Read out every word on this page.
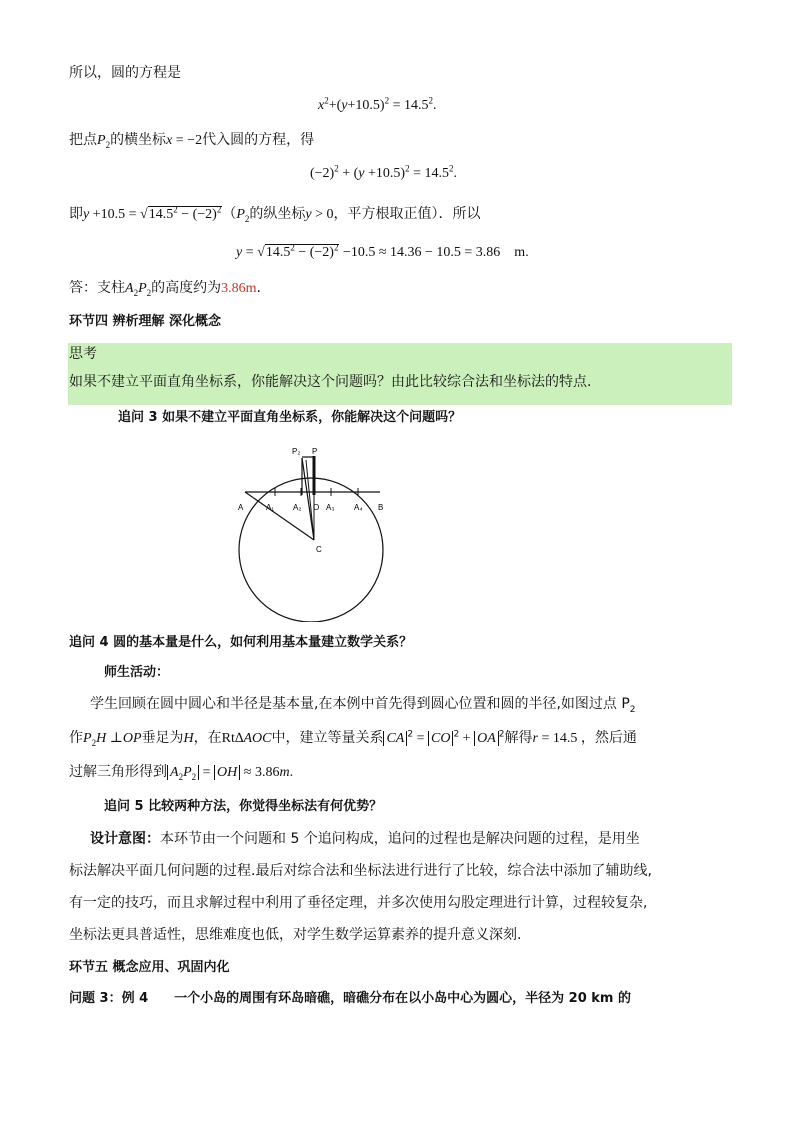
所以，圆的方程是
$x^2+(y+10.5)^2 = 14.5^2$.
把点$P_2$的横坐标x = −2代入圆的方程，得
$(-2)^2 + (y +10.5)^2 = 14.5^2$.
即$y +10.5 = √14.5^2 - (-2)^2(P_2$的纵坐标y > 0，平方根取正值）．所以
$y = √14.5^2 - (-2)^2 -10.5 \approx 14.36 - 10.5 = 3.86$　m.
答：支柱$A_2P_2$的高度约为3.86m.
环节四 辨析理解 深化概念
思考
如果不建立平面直角坐标系，你能解决这个问题吗？由此比较综合法和坐标法的特点.
追问 3 如果不建立平面直角坐标系，你能解决这个问题吗？
A	A₁ A₂ O A₃ A₄ B
C
P₂ P
追问 4 圆的基本量是什么，如何利用基本量建立数学关系？
师生活动：
学生回顾在圆中圆心和半径是基本量,在本例中首先得到圆心位置和圆的半径,如图过点 $P_2$
作$P_2H$ ⊥OP垂足为H，在Rt∆AOC中，建立等量关系 CA $^2$ = CO $^2$ + OA $^2$解得r = 14.5 ，然后通
过解三角形得到 $A_2P_2$ = OH ≈ 3.86m.
追问 5 比较两种方法，你觉得坐标法有何优势？
设计意图：本环节由一个问题和 5 个追问构成，追问的过程也是解决问题的过程，是用坐
标法解决平面几何问题的过程.最后对综合法和坐标法进行进行了比较，综合法中添加了辅助线,
有一定的技巧，而且求解过程中利用了垂径定理，并多次使用勾股定理进行计算，过程较复杂,
坐标法更具普适性，思维难度也低，对学生数学运算素养的提升意义深刻.
环节五 概念应用、巩固内化
问题 3：例 4　　一个小岛的周围有环岛暗礁，暗礁分布在以小岛中心为圆心，半径为 20 km 的
